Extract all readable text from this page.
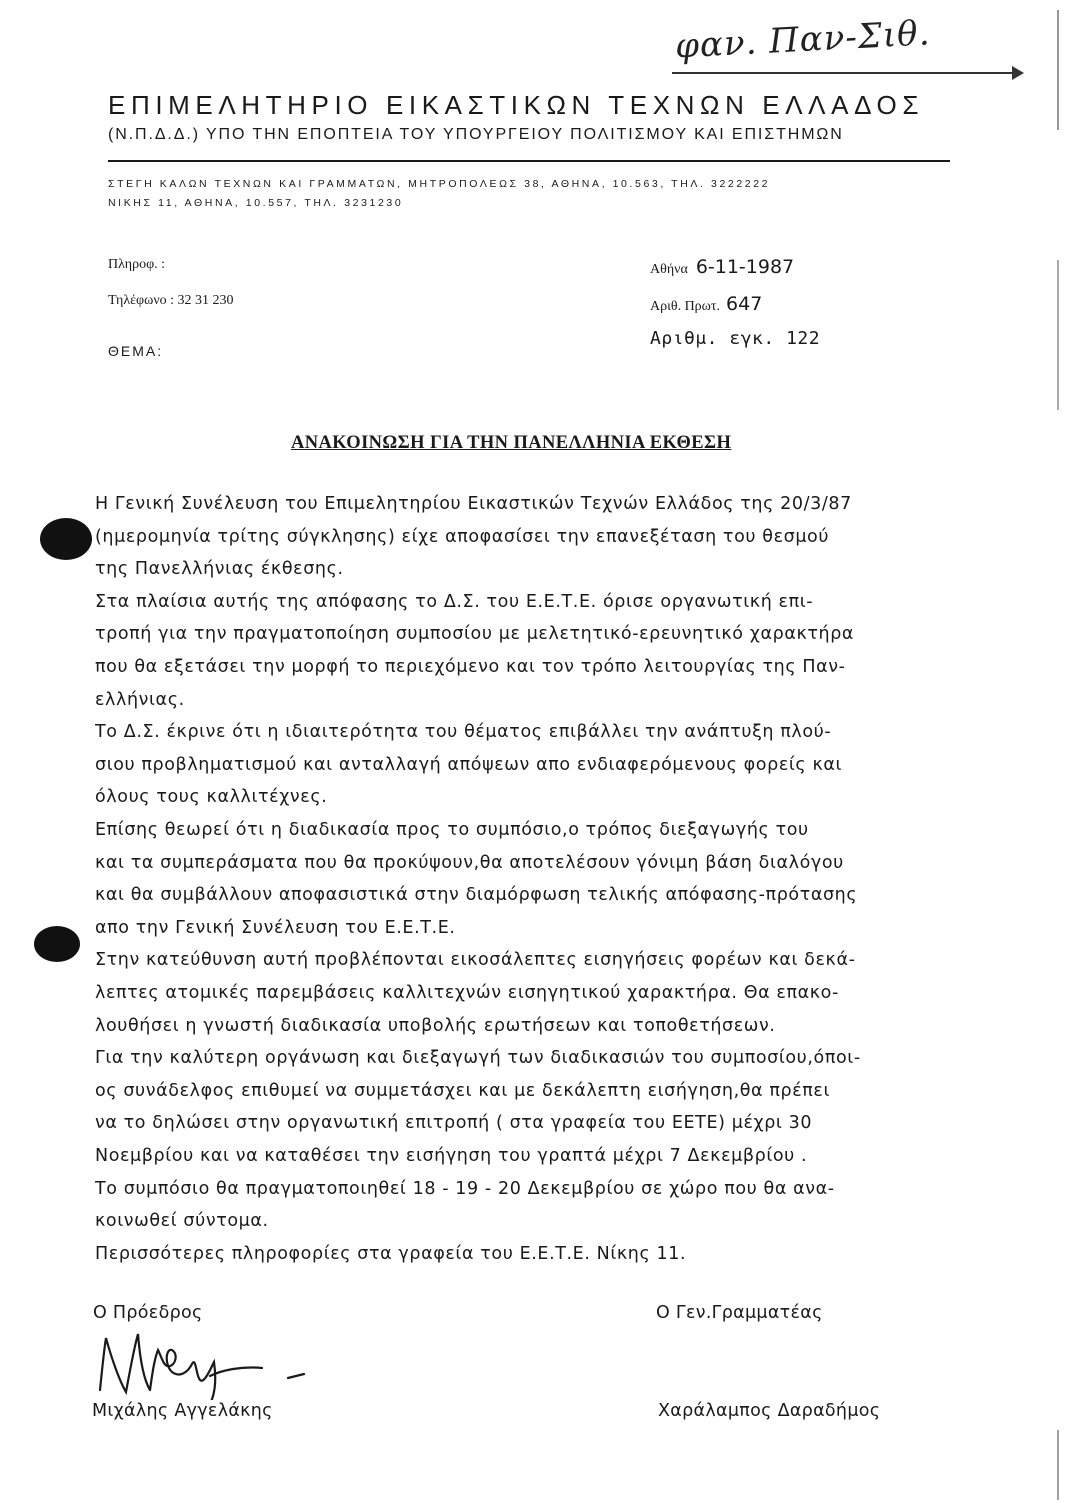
φαν. Παν-Σιθ.
ΕΠΙΜΕΛΗΤΗΡΙΟ ΕΙΚΑΣΤΙΚΩΝ ΤΕΧΝΩΝ ΕΛΛΑΔΟΣ
(Ν.Π.Δ.Δ.) ΥΠΟ ΤΗΝ ΕΠΟΠΤΕΙΑ ΤΟΥ ΥΠΟΥΡΓΕΙΟΥ ΠΟΛΙΤΙΣΜΟΥ ΚΑΙ ΕΠΙΣΤΗΜΩΝ
ΣΤΕΓΗ ΚΑΛΩΝ ΤΕΧΝΩΝ ΚΑΙ ΓΡΑΜΜΑΤΩΝ, ΜΗΤΡΟΠΟΛΕΩΣ 38, ΑΘΗΝΑ, 10.563, ΤΗΛ. 3222222
ΝΙΚΗΣ 11, ΑΘΗΝΑ, 10.557, ΤΗΛ. 3231230
Πληροφ. :
Τηλέφωνο : 32 31 230
ΘΕΜΑ:
Αθήνα 6-11-1987
Αριθ. Πρωτ. 647
Αριθμ. εγκ. 122
ΑΝΑΚΟΙΝΩΣΗ ΓΙΑ ΤΗΝ ΠΑΝΕΛΛΗΝΙΑ ΕΚΘΕΣΗ
Η Γενική Συνέλευση του Επιμελητηρίου Εικαστικών Τεχνών Ελλάδος της 20/3/87
(ημερομηνία τρίτης σύγκλησης) είχε αποφασίσει την επανεξέταση του θεσμού
της Πανελλήνιας έκθεσης.
Στα πλαίσια αυτής της απόφασης το Δ.Σ. του Ε.Ε.Τ.Ε. όρισε οργανωτική επι-
τροπή για την πραγματοποίηση συμποσίου με μελετητικό-ερευνητικό χαρακτήρα
που θα εξετάσει την μορφή το περιεχόμενο και τον τρόπο λειτουργίας της Παν-
ελλήνιας.
Το Δ.Σ. έκρινε ότι η ιδιαιτερότητα του θέματος επιβάλλει την ανάπτυξη πλού-
σιου προβληματισμού και ανταλλαγή απόψεων απο ενδιαφερόμενους φορείς και
όλους τους καλλιτέχνες.
Επίσης θεωρεί ότι η διαδικασία προς το συμπόσιο,ο τρόπος διεξαγωγής του
και τα συμπεράσματα που θα προκύψουν,θα αποτελέσουν γόνιμη βάση διαλόγου
και θα συμβάλλουν αποφασιστικά στην διαμόρφωση τελικής απόφασης-πρότασης
απο την Γενική Συνέλευση του Ε.Ε.Τ.Ε.
Στην κατεύθυνση αυτή προβλέπονται εικοσάλεπτες εισηγήσεις φορέων και δεκά-
λεπτες ατομικές παρεμβάσεις καλλιτεχνών εισηγητικού χαρακτήρα. Θα επακο-
λουθήσει η γνωστή διαδικασία υποβολής ερωτήσεων και τοποθετήσεων.
Για την καλύτερη οργάνωση και διεξαγωγή των διαδικασιών του συμποσίου,όποι-
ος συνάδελφος επιθυμεί να συμμετάσχει και με δεκάλεπτη εισήγηση,θα πρέπει
να το δηλώσει στην οργανωτική επιτροπή ( στα γραφεία του ΕΕΤΕ) μέχρι 30
Νοεμβρίου και να καταθέσει την εισήγηση του γραπτά μέχρι 7 Δεκεμβρίου .
Το συμπόσιο θα πραγματοποιηθεί 18 - 19 - 20 Δεκεμβρίου σε χώρο που θα ανα-
κοινωθεί σύντομα.
Περισσότερες πληροφορίες στα γραφεία του Ε.Ε.Τ.Ε. Νίκης 11.
Ο Πρόεδρος	Ο Γεν.Γραμματέας
Μιχάλης Αγγελάκης	Χαράλαμπος Δαραδήμος
